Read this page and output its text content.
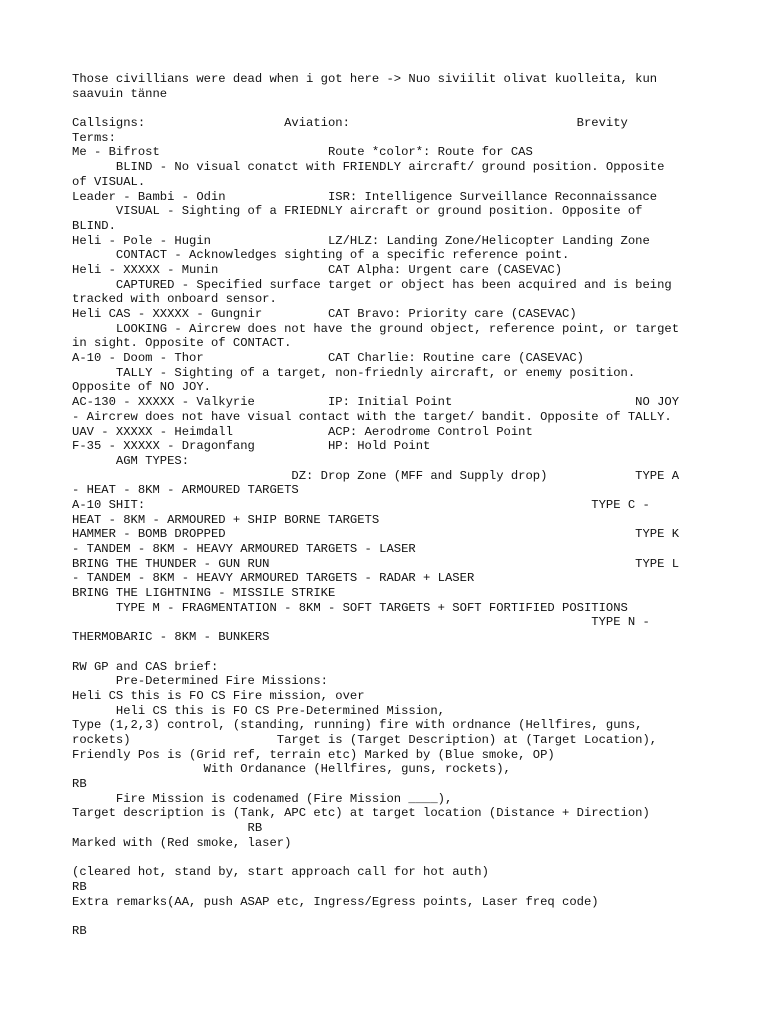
Those civillians were dead when i got here -> Nuo siviilit olivat kuolleita, kun
saavuin tänne
Callsigns:                   Aviation:                               Brevity
Terms:
Me - Bifrost                       Route *color*: Route for CAS
BLIND - No visual conatct with FRIENDLY aircraft/ ground position. Opposite
of VISUAL.
Leader - Bambi - Odin              ISR: Intelligence Surveillance Reconnaissance
VISUAL - Sighting of a FRIEDNLY aircraft or ground position. Opposite of
BLIND.
Heli - Pole - Hugin                LZ/HLZ: Landing Zone/Helicopter Landing Zone
CONTACT - Acknowledges sighting of a specific reference point.
Heli - XXXXX - Munin               CAT Alpha: Urgent care (CASEVAC)
CAPTURED - Specified surface target or object has been acquired and is being
tracked with onboard sensor.
Heli CAS - XXXXX - Gungnir         CAT Bravo: Priority care (CASEVAC)
LOOKING - Aircrew does not have the ground object, reference point, or target
in sight. Opposite of CONTACT.
A-10 - Doom - Thor                 CAT Charlie: Routine care (CASEVAC)
TALLY - Sighting of a target, non-friednly aircraft, or enemy position.
Opposite of NO JOY.
AC-130 - XXXXX - Valkyrie          IP: Initial Point                         NO JOY
- Aircrew does not have visual contact with the target/ bandit. Opposite of TALLY.
UAV - XXXXX - Heimdall             ACP: Aerodrome Control Point
F-35 - XXXXX - Dragonfang          HP: Hold Point
AGM TYPES:
DZ: Drop Zone (MFF and Supply drop)            TYPE A
- HEAT - 8KM - ARMOURED TARGETS
A-10 SHIT:                                                             TYPE C -
HEAT - 8KM - ARMOURED + SHIP BORNE TARGETS
HAMMER - BOMB DROPPED                                                        TYPE K
- TANDEM - 8KM - HEAVY ARMOURED TARGETS - LASER
BRING THE THUNDER - GUN RUN                                                  TYPE L
- TANDEM - 8KM - HEAVY ARMOURED TARGETS - RADAR + LASER
BRING THE LIGHTNING - MISSILE STRIKE
TYPE M - FRAGMENTATION - 8KM - SOFT TARGETS + SOFT FORTIFIED POSITIONS
TYPE N -
THERMOBARIC - 8KM - BUNKERS
RW GP and CAS brief:
Pre-Determined Fire Missions:
Heli CS this is FO CS Fire mission, over
Heli CS this is FO CS Pre-Determined Mission,
Type (1,2,3) control, (standing, running) fire with ordnance (Hellfires, guns,
rockets)                    Target is (Target Description) at (Target Location),
Friendly Pos is (Grid ref, terrain etc) Marked by (Blue smoke, OP)
With Ordanance (Hellfires, guns, rockets),
RB
Fire Mission is codenamed (Fire Mission ____),
Target description is (Tank, APC etc) at target location (Distance + Direction)
RB
Marked with (Red smoke, laser)
(cleared hot, stand by, start approach call for hot auth)
RB
Extra remarks(AA, push ASAP etc, Ingress/Egress points, Laser freq code)
RB
